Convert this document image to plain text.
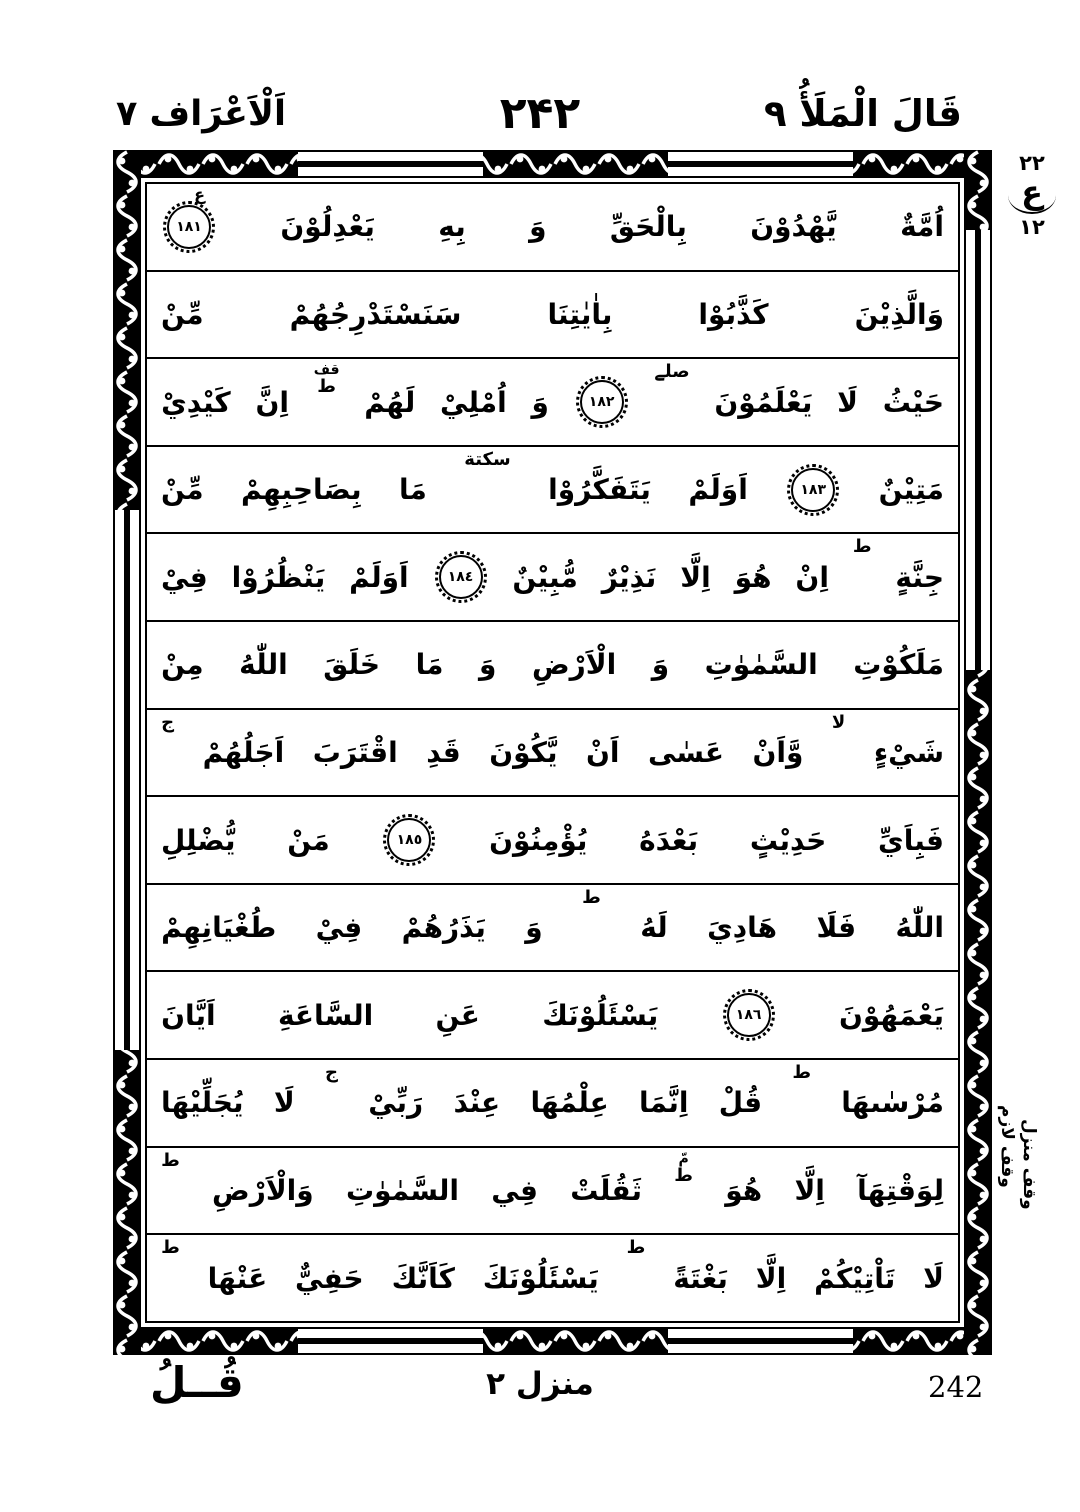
قَالَ الْمَلَأُ ٩
۲۴۲
اَلْاَعْرَاف ٧
اُمَّةٌ
يَّهْدُوْنَ
بِالْحَقِّ
وَ
بِهِ
يَعْدِلُوْنَ
١٨١
ع
وَالَّذِيْنَ
كَذَّبُوْا
بِاٰيٰتِنَا
سَنَسْتَدْرِجُهُمْ
مِّنْ
حَيْثُ
لَا
يَعْلَمُوْنَ
صلے
١٨٢
وَ
اُمْلِيْ
لَهُمْ
قف
ط
اِنَّ
كَيْدِيْ
مَتِيْنٌ
١٨٣
اَوَلَمْ
يَتَفَكَّرُوْا
سكتة
مَا
بِصَاحِبِهِمْ
مِّنْ
جِنَّةٍ
ط
اِنْ
هُوَ
اِلَّا
نَذِيْرٌ
مُّبِيْنٌ
١٨٤
اَوَلَمْ
يَنْظُرُوْا
فِيْ
مَلَكُوْتِ
السَّمٰوٰتِ
وَ
الْاَرْضِ
وَ
مَا
خَلَقَ
اللّٰهُ
مِنْ
شَيْءٍ
لا
وَّاَنْ
عَسٰى
اَنْ
يَّكُوْنَ
قَدِ
اقْتَرَبَ
اَجَلُهُمْ
ج
فَبِاَيِّ
حَدِيْثٍ
بَعْدَهُ
يُؤْمِنُوْنَ
١٨٥
مَنْ
يُّضْلِلِ
اللّٰهُ
فَلَا
هَادِيَ
لَهُ
ط
وَ
يَذَرُهُمْ
فِيْ
طُغْيَانِهِمْ
يَعْمَهُوْنَ
١٨٦
يَسْئَلُوْنَكَ
عَنِ
السَّاعَةِ
اَيَّانَ
مُرْسٰىهَا
ط
قُلْ
اِنَّمَا
عِلْمُهَا
عِنْدَ
رَبِّيْ
ج
لَا
يُجَلِّيْهَا
لِوَقْتِهَآ
اِلَّا
هُوَ
مّ
ط
ثَقُلَتْ
فِي
السَّمٰوٰتِ
وَالْاَرْضِ
ط
لَا
تَاْتِيْكُمْ
اِلَّا
بَغْتَةً
ط
يَسْئَلُوْنَكَ
كَاَنَّكَ
حَفِيٌّ
عَنْهَا
ط
٢٢
ع
١٢
وقف لازم وقف منزل
قُــلُ	منزل ٢	242
